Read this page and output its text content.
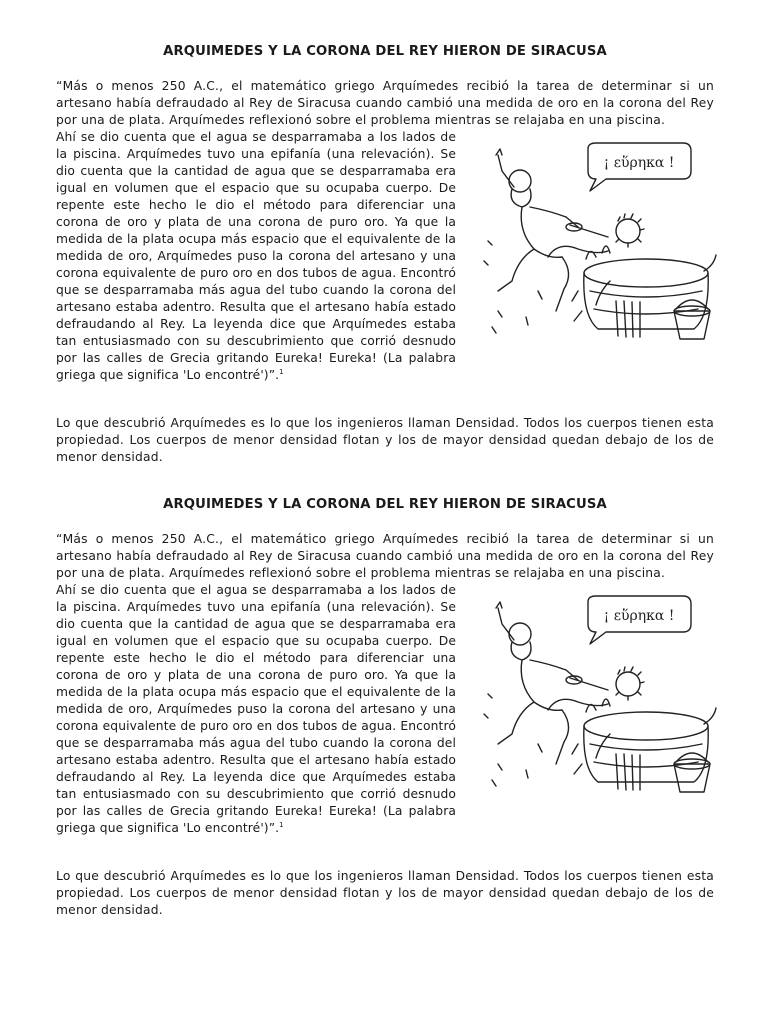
ARQUIMEDES Y LA CORONA DEL REY HIERON DE SIRACUSA

“Más o menos 250 A.C., el matemático griego Arquímedes recibió la tarea de determinar si un artesano había defraudado al Rey de Siracusa cuando cambió una medida de oro en la corona del Rey por una de plata. Arquímedes reflexionó sobre el problema mientras se relajaba en una piscina.

Ahí se dio cuenta que el agua se desparramaba a los lados de la piscina. Arquímedes tuvo una epifanía (una relevación). Se dio cuenta que la cantidad de agua que se desparramaba era igual en volumen que el espacio que su ocupaba cuerpo. De repente este hecho le dio el método para diferenciar una corona de oro y plata de una corona de puro oro. Ya que la medida de la plata ocupa más espacio que el equivalente de la medida de oro, Arquímedes puso la corona del artesano y una corona equivalente de puro oro en dos tubos de agua. Encontró que se desparramaba más agua del tubo cuando la corona del artesano estaba adentro. Resulta que el artesano había estado defraudando al Rey. La leyenda dice que Arquímedes estaba tan entusiasmado con su descubrimiento que corrió desnudo por las calles de Grecia gritando Eureka! Eureka! (La palabra griega que significa 'Lo encontré')”.$^1$

¡ εὕρηκα !

Lo que descubrió Arquímedes es lo que los ingenieros llaman Densidad. Todos los cuerpos tienen esta propiedad. Los cuerpos de menor densidad flotan y los de mayor densidad quedan debajo de los de menor densidad.

ARQUIMEDES Y LA CORONA DEL REY HIERON DE SIRACUSA

“Más o menos 250 A.C., el matemático griego Arquímedes recibió la tarea de determinar si un artesano había defraudado al Rey de Siracusa cuando cambió una medida de oro en la corona del Rey por una de plata. Arquímedes reflexionó sobre el problema mientras se relajaba en una piscina.

Ahí se dio cuenta que el agua se desparramaba a los lados de la piscina. Arquímedes tuvo una epifanía (una relevación). Se dio cuenta que la cantidad de agua que se desparramaba era igual en volumen que el espacio que su ocupaba cuerpo. De repente este hecho le dio el método para diferenciar una corona de oro y plata de una corona de puro oro. Ya que la medida de la plata ocupa más espacio que el equivalente de la medida de oro, Arquímedes puso la corona del artesano y una corona equivalente de puro oro en dos tubos de agua. Encontró que se desparramaba más agua del tubo cuando la corona del artesano estaba adentro. Resulta que el artesano había estado defraudando al Rey. La leyenda dice que Arquímedes estaba tan entusiasmado con su descubrimiento que corrió desnudo por las calles de Grecia gritando Eureka! Eureka! (La palabra griega que significa 'Lo encontré')”.$^1$

¡ εὕρηκα !

Lo que descubrió Arquímedes es lo que los ingenieros llaman Densidad. Todos los cuerpos tienen esta propiedad. Los cuerpos de menor densidad flotan y los de mayor densidad quedan debajo de los de menor densidad.
